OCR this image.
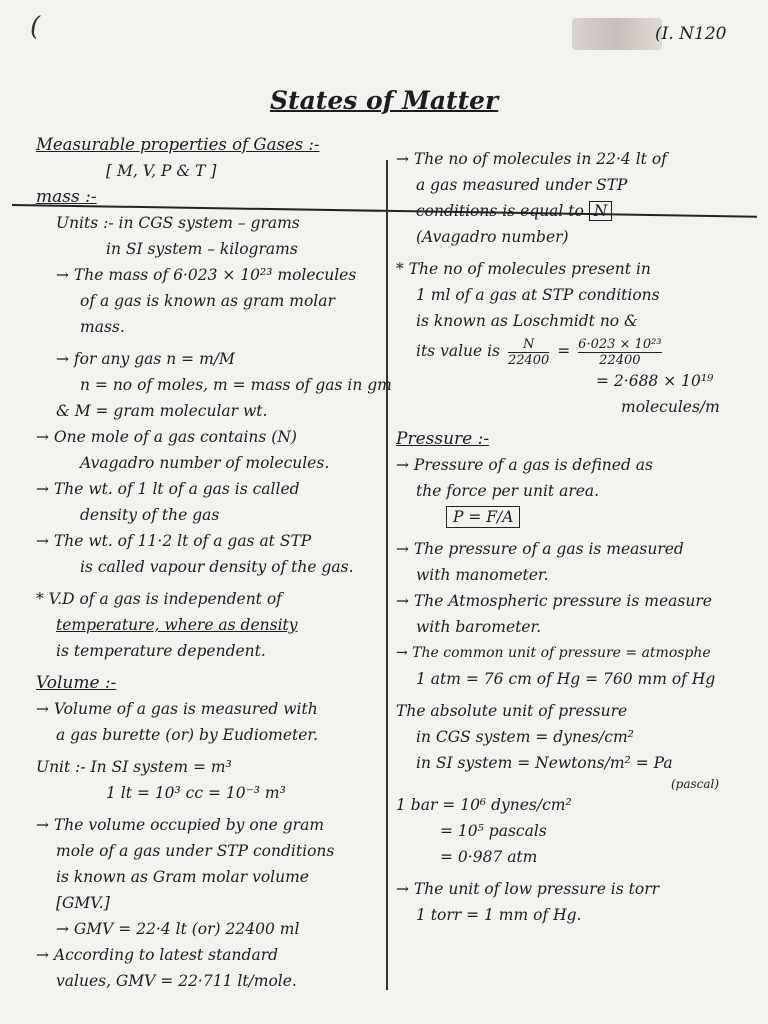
(	(I. N120
States of Matter
Measurable properties of Gases :-
[ M, V, P & T ]
mass :-
Units :- in CGS system – grams
in SI system – kilograms
→ The mass of 6·023 × 10²³ molecules
of a gas is known as gram molar
mass.
→ for any gas n = m/M
n = no of moles, m = mass of gas in gm
& M = gram molecular wt.
→ One mole of a gas contains (N)
Avagadro number of molecules.
→ The wt. of 1 lt of a gas is called
density of the gas
→ The wt. of 11·2 lt of a gas at STP
is called vapour density of the gas.
* V.D of a gas is independent of
temperature, where as density
is temperature dependent.
Volume :-
→ Volume of a gas is measured with
a gas burette (or) by Eudiometer.
Unit :- In SI system = m³
1 lt = 10³ cc = 10⁻³ m³
→ The volume occupied by one gram
mole of a gas under STP conditions
is known as Gram molar volume
[GMV.]
→ GMV = 22·4 lt (or) 22400 ml
→ According to latest standard
values, GMV = 22·711 lt/mole.
→ The no of molecules in 22·4 lt of
a gas measured under STP
conditions is equal to N
(Avagadro number)
* The no of molecules present in
1 ml of a gas at STP conditions
is known as Loschmidt no &
its value is $\frac{N}{22400} = \frac{\text{6·023 × 10²³}}{22400}$
= 2·688 × 10¹⁹
molecules/m
Pressure :-
→ Pressure of a gas is defined as
the force per unit area.
P = F/A
→ The pressure of a gas is measured
with manometer.
→ The Atmospheric pressure is measure
with barometer.
→ The common unit of pressure = atmosphe
1 atm = 76 cm of Hg = 760 mm of Hg
The absolute unit of pressure
in CGS system = dynes/cm²
in SI system = Newtons/m² = Pa
(pascal)
1 bar = 10⁶ dynes/cm²
= 10⁵ pascals
= 0·987 atm
→ The unit of low pressure is torr
1 torr = 1 mm of Hg.
